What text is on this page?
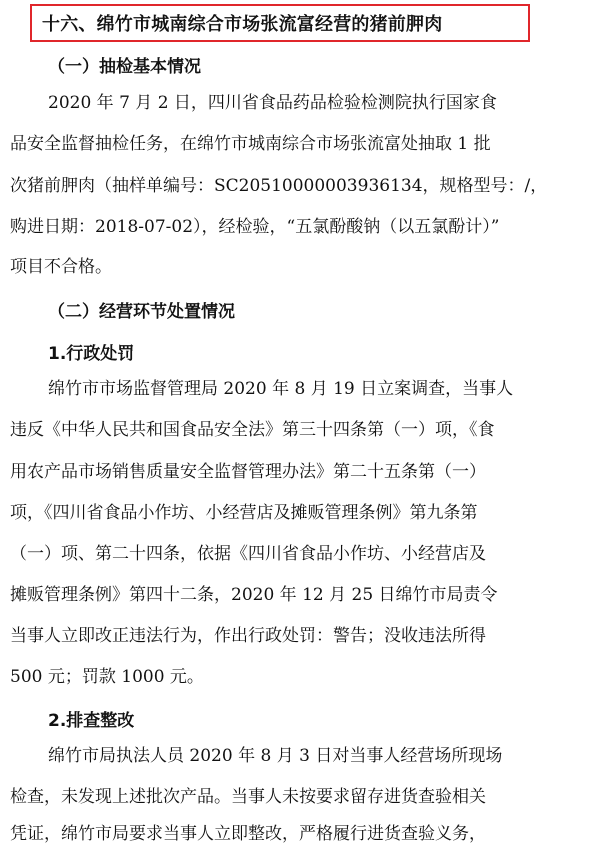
十六、绵竹市城南综合市场张流富经营的猪前胛肉
（一）抽检基本情况
2020 年 7 月 2 日，四川省食品药品检验检测院执行国家食
品安全监督抽检任务，在绵竹市城南综合市场张流富处抽取 1 批
次猪前胛肉（抽样单编号：SC20510000003936134，规格型号：/，
购进日期：2018-07-02），经检验，“五氯酚酸钠（以五氯酚计）”
项目不合格。
（二）经营环节处置情况
1.行政处罚
绵竹市市场监督管理局 2020 年 8 月 19 日立案调查，当事人
违反《中华人民共和国食品安全法》第三十四条第（一）项，《食
用农产品市场销售质量安全监督管理办法》第二十五条第（一）
项，《四川省食品小作坊、小经营店及摊贩管理条例》第九条第
（一）项、第二十四条，依据《四川省食品小作坊、小经营店及
摊贩管理条例》第四十二条，2020 年 12 月 25 日绵竹市局责令
当事人立即改正违法行为，作出行政处罚：警告；没收违法所得
500 元；罚款 1000 元。
2.排查整改
绵竹市局执法人员 2020 年 8 月 3 日对当事人经营场所现场
检查，未发现上述批次产品。当事人未按要求留存进货查验相关
凭证，绵竹市局要求当事人立即整改，严格履行进货查验义务，
